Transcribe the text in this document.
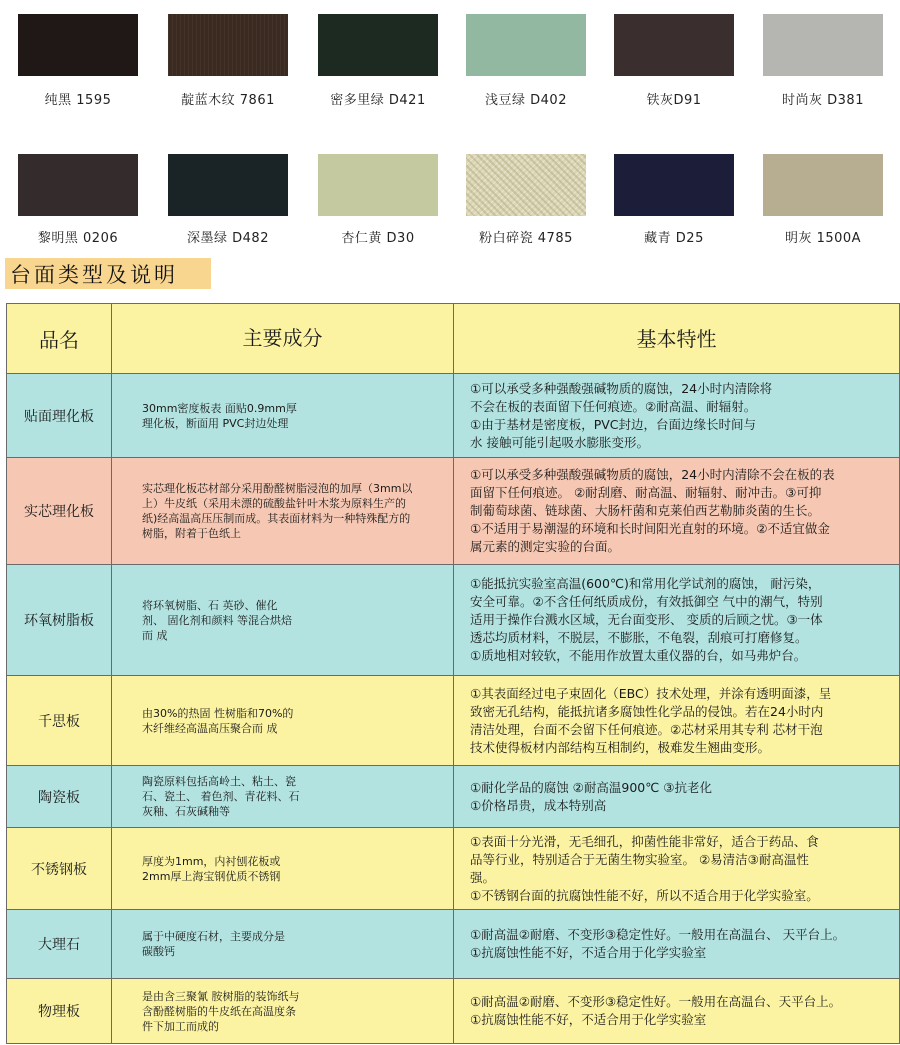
纯黑 1595	靛蓝木纹 7861	密多里绿 D421	浅豆绿 D402	铁灰D91	时尚灰 D381
黎明黑 0206	深墨绿 D482	杏仁黄 D30	粉白碎瓷 4785	藏青 D25	明灰 1500A
台面类型及说明
品名	主要成分	基本特性
贴面理化板	30mm密度板表 面贴0.9mm厚
理化板，断面用 PVC封边处理	①可以承受多种强酸强碱物质的腐蚀，24小时内清除将
不会在板的表面留下任何痕迹。②耐高温、耐辐射。
①由于基材是密度板，PVC封边，台面边缘长时间与
水 接触可能引起吸水膨胀变形。

实芯理化板	实芯理化板芯材部分采用酚醛树脂浸泡的加厚（3mm以
上）牛皮纸（采用未漂的硫酸盐针叶木浆为原料生产的
纸)经高温高压压制而成。其表面材料为一种特殊配方的
树脂，附着于色纸上	①可以承受多种强酸强碱物质的腐蚀，24小时内清除不会在板的表
面留下任何痕迹。 ②耐刮磨、耐高温、耐辐射、耐冲击。③可抑
制葡萄球菌、链球菌、大肠杆菌和克莱伯西艺勒肺炎菌的生长。
①不适用于易潮湿的环境和长时间阳光直射的环境。②不适宜做金
属元素的测定实验的台面。

环氧树脂板	将环氧树脂、石 英砂、催化
剂、 固化剂和颜料 等混合烘焙
而 成	①能抵抗实验室高温(600℃)和常用化学试剂的腐蚀， 耐污染，
安全可靠。②不含任何纸质成份，有效抵御空 气中的潮气，特别
适用于操作台溅水区域，无台面变形、 变质的后顾之忧。③一体
透芯均质材料，不脱层，不膨胀，不龟裂，刮痕可打磨修复。
①质地相对较软，不能用作放置太重仪器的台，如马弗炉台。

千思板	由30%的热固 性树脂和70%的
木纤维经高温高压聚合而 成	①其表面经过电子束固化（EBC）技术处理，并涂有透明面漆，呈
致密无孔结构，能抵抗诸多腐蚀性化学品的侵蚀。若在24小时内
清洁处理，台面不会留下任何痕迹。②芯材采用其专利 芯材干泡
技术使得板材内部结构互相制约，极难发生翘曲变形。

陶瓷板	陶瓷原料包括高岭土、粘土、瓷
石、瓷土、 着色剂、青花料、石
灰釉、石灰碱釉等	①耐化学品的腐蚀 ②耐高温900℃ ③抗老化
①价格昂贵，成本特别高

不锈钢板	厚度为1mm，内衬刨花板或
2mm厚上海宝钢优质不锈钢	①表面十分光滑，无毛细孔，抑菌性能非常好，适合于药品、食
品等行业，特别适合于无菌生物实验室。 ②易清洁③耐高温性
强。
①不锈钢台面的抗腐蚀性能不好，所以不适合用于化学实验室。

大理石	属于中硬度石材，主要成分是
碳酸钙	①耐高温②耐磨、不变形③稳定性好。一般用在高温台、 天平台上。
①抗腐蚀性能不好，不适合用于化学实验室

物理板	是由含三聚氰 胺树脂的装饰纸与
含酚醛树脂的牛皮纸在高温度条
件下加工而成的	①耐高温②耐磨、不变形③稳定性好。一般用在高温台、天平台上。
①抗腐蚀性能不好，不适合用于化学实验室
